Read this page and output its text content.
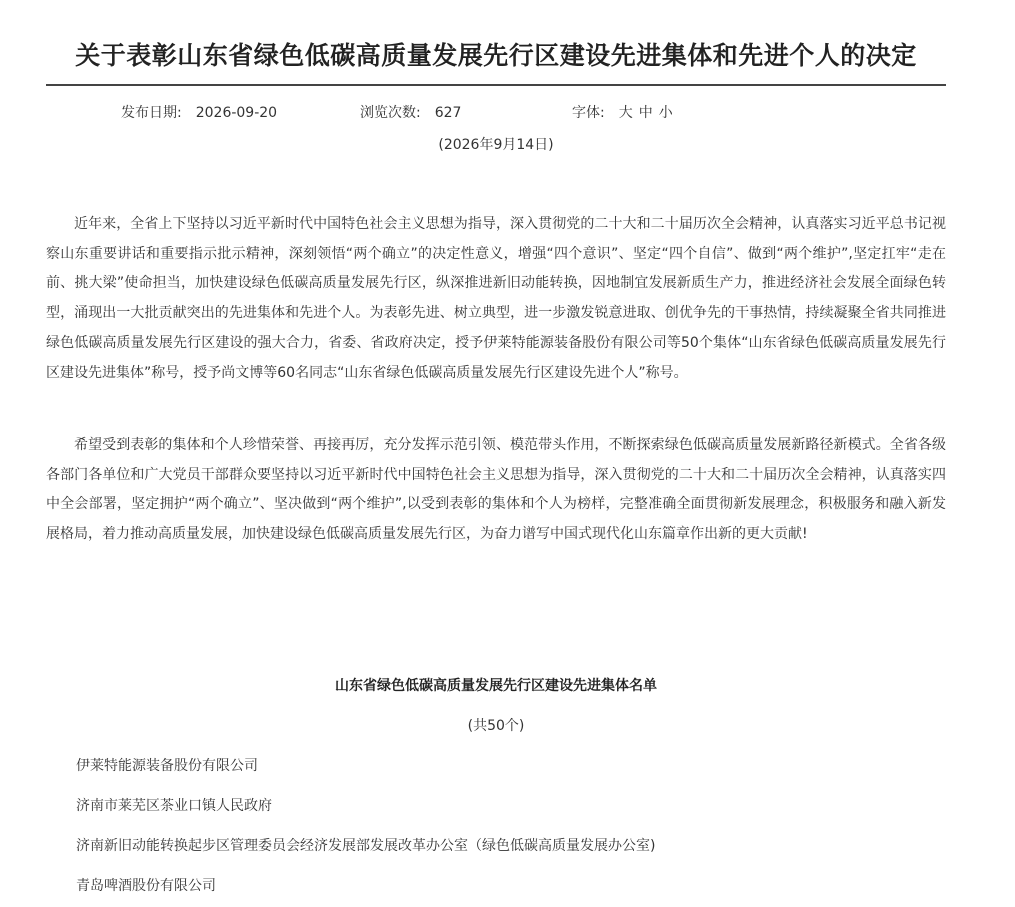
关于表彰山东省绿色低碳高质量发展先行区建设先进集体和先进个人的决定
发布日期: 2026-09-20	浏览次数: 627	字体: 大 中 小
(2026年9月14日)

近年来，全省上下坚持以习近平新时代中国特色社会主义思想为指导，深入贯彻党的二十大和二十届历次全会精神，认真落实习近平总书记视察山东重要讲话和重要指示批示精神，深刻领悟“两个确立”的决定性意义，增强“四个意识”、坚定“四个自信”、做到“两个维护”,坚定扛牢“走在前、挑大梁”使命担当，加快建设绿色低碳高质量发展先行区，纵深推进新旧动能转换，因地制宜发展新质生产力，推进经济社会发展全面绿色转型，涌现出一大批贡献突出的先进集体和先进个人。为表彰先进、树立典型，进一步激发锐意进取、创优争先的干事热情，持续凝聚全省共同推进绿色低碳高质量发展先行区建设的强大合力，省委、省政府决定，授予伊莱特能源装备股份有限公司等50个集体“山东省绿色低碳高质量发展先行区建设先进集体”称号，授予尚文博等60名同志“山东省绿色低碳高质量发展先行区建设先进个人”称号。

希望受到表彰的集体和个人珍惜荣誉、再接再厉，充分发挥示范引领、模范带头作用，不断探索绿色低碳高质量发展新路径新模式。全省各级各部门各单位和广大党员干部群众要坚持以习近平新时代中国特色社会主义思想为指导，深入贯彻党的二十大和二十届历次全会精神，认真落实四中全会部署，坚定拥护“两个确立”、坚决做到“两个维护”,以受到表彰的集体和个人为榜样，完整准确全面贯彻新发展理念，积极服务和融入新发展格局，着力推动高质量发展，加快建设绿色低碳高质量发展先行区，为奋力谱写中国式现代化山东篇章作出新的更大贡献!

山东省绿色低碳高质量发展先行区建设先进集体名单
(共50个)
伊莱特能源装备股份有限公司
济南市莱芜区茶业口镇人民政府
济南新旧动能转换起步区管理委员会经济发展部发展改革办公室（绿色低碳高质量发展办公室)
青岛啤酒股份有限公司
